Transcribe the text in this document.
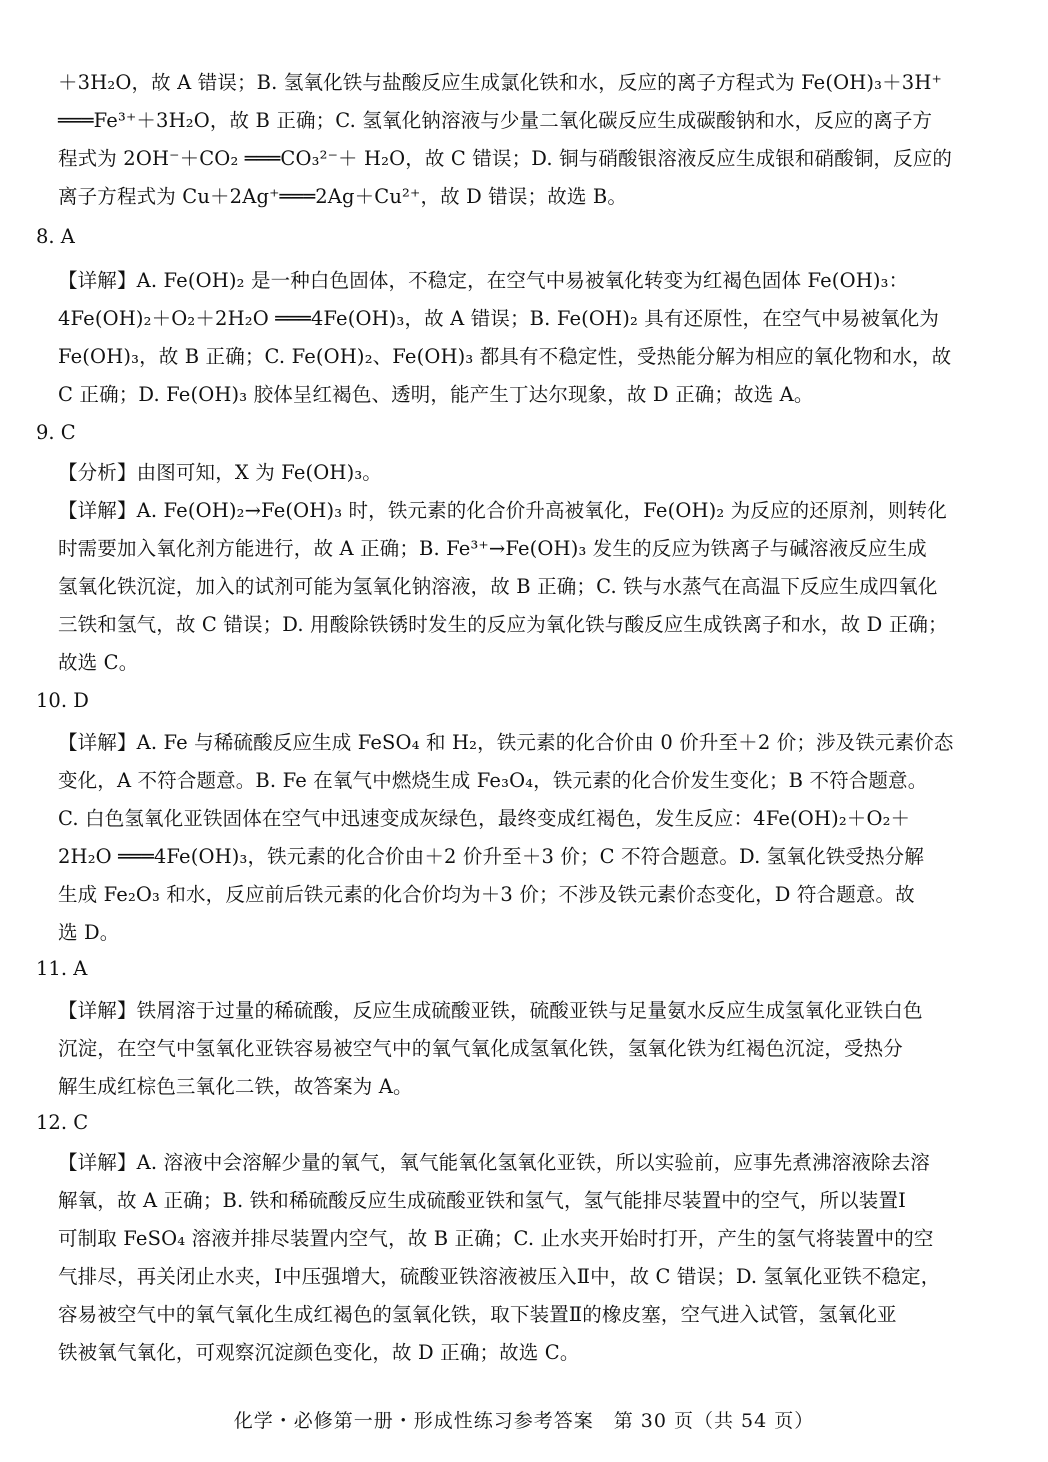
＋3H₂O，故 A 错误；B. 氢氧化铁与盐酸反应生成氯化铁和水，反应的离子方程式为 Fe(OH)₃＋3H⁺
═══Fe³⁺＋3H₂O，故 B 正确；C. 氢氧化钠溶液与少量二氧化碳反应生成碳酸钠和水，反应的离子方
程式为 2OH⁻＋CO₂ ═══CO₃²⁻＋ H₂O，故 C 错误；D. 铜与硝酸银溶液反应生成银和硝酸铜，反应的
离子方程式为 Cu＋2Ag⁺═══2Ag＋Cu²⁺，故 D 错误；故选 B。
8. A
【详解】A. Fe(OH)₂ 是一种白色固体，不稳定，在空气中易被氧化转变为红褐色固体 Fe(OH)₃：
4Fe(OH)₂＋O₂＋2H₂O ═══4Fe(OH)₃，故 A 错误；B. Fe(OH)₂ 具有还原性，在空气中易被氧化为
Fe(OH)₃，故 B 正确；C. Fe(OH)₂、Fe(OH)₃ 都具有不稳定性，受热能分解为相应的氧化物和水，故
C 正确；D. Fe(OH)₃ 胶体呈红褐色、透明，能产生丁达尔现象，故 D 正确；故选 A。
9. C
【分析】由图可知，X 为 Fe(OH)₃。
【详解】A. Fe(OH)₂→Fe(OH)₃ 时，铁元素的化合价升高被氧化，Fe(OH)₂ 为反应的还原剂，则转化
时需要加入氧化剂方能进行，故 A 正确；B. Fe³⁺→Fe(OH)₃ 发生的反应为铁离子与碱溶液反应生成
氢氧化铁沉淀，加入的试剂可能为氢氧化钠溶液，故 B 正确；C. 铁与水蒸气在高温下反应生成四氧化
三铁和氢气，故 C 错误；D. 用酸除铁锈时发生的反应为氧化铁与酸反应生成铁离子和水，故 D 正确；
故选 C。
10. D
【详解】A. Fe 与稀硫酸反应生成 FeSO₄ 和 H₂，铁元素的化合价由 0 价升至＋2 价；涉及铁元素价态
变化，A 不符合题意。B. Fe 在氧气中燃烧生成 Fe₃O₄，铁元素的化合价发生变化；B 不符合题意。
C. 白色氢氧化亚铁固体在空气中迅速变成灰绿色，最终变成红褐色，发生反应：4Fe(OH)₂＋O₂＋
2H₂O ═══4Fe(OH)₃，铁元素的化合价由＋2 价升至＋3 价；C 不符合题意。D. 氢氧化铁受热分解
生成 Fe₂O₃ 和水，反应前后铁元素的化合价均为＋3 价；不涉及铁元素价态变化，D 符合题意。故
选 D。
11. A
【详解】铁屑溶于过量的稀硫酸，反应生成硫酸亚铁，硫酸亚铁与足量氨水反应生成氢氧化亚铁白色
沉淀，在空气中氢氧化亚铁容易被空气中的氧气氧化成氢氧化铁，氢氧化铁为红褐色沉淀，受热分
解生成红棕色三氧化二铁，故答案为 A。
12. C
【详解】A. 溶液中会溶解少量的氧气，氧气能氧化氢氧化亚铁，所以实验前，应事先煮沸溶液除去溶
解氧，故 A 正确；B. 铁和稀硫酸反应生成硫酸亚铁和氢气，氢气能排尽装置中的空气，所以装置Ⅰ
可制取 FeSO₄ 溶液并排尽装置内空气，故 B 正确；C. 止水夹开始时打开，产生的氢气将装置中的空
气排尽，再关闭止水夹，Ⅰ中压强增大，硫酸亚铁溶液被压入Ⅱ中，故 C 错误；D. 氢氧化亚铁不稳定，
容易被空气中的氧气氧化生成红褐色的氢氧化铁，取下装置Ⅱ的橡皮塞，空气进入试管，氢氧化亚
铁被氧气氧化，可观察沉淀颜色变化，故 D 正确；故选 C。
化学・必修第一册・形成性练习参考答案　第 30 页（共 54 页）
